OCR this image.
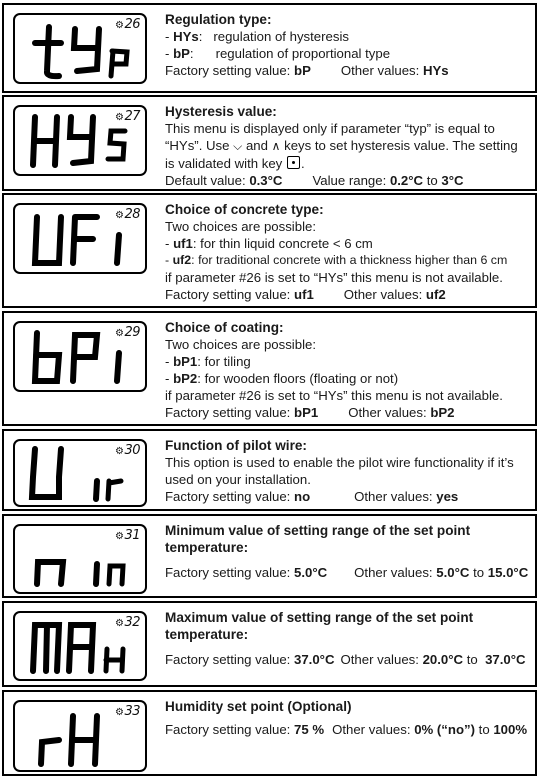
⚙26 Regulation type:
- HYs:   regulation of hysteresis
- bP:      regulation of proportional type
Factory setting value: bP Other values: HYs
⚙27 Hysteresis value:
This menu is displayed only if parameter “typ” is equal to
“HYs”. Use ⌵ and ∧ keys to set hysteresis value. The setting
is validated with key .
Default value: 0.3°C Value range: 0.2°C to 3°C
⚙28 Choice of concrete type:
Two choices are possible:
- uf1: for thin liquid concrete < 6 cm
- uf2: for traditional concrete with a thickness higher than 6 cm
if parameter #26 is set to “HYs” this menu is not available.
Factory setting value: uf1 Other values: uf2
⚙29 Choice of coating:
Two choices are possible:
- bP1: for tiling
- bP2: for wooden floors (floating or not)
if parameter #26 is set to “HYs” this menu is not available.
Factory setting value: bP1 Other values: bP2
⚙30 Function of pilot wire:
This option is used to enable the pilot wire functionality if it’s
used on your installation.
Factory setting value: no	Other values: yes
⚙31 Minimum value of setting range of the set point
temperature:
Factory setting value: 5.0°C Other values: 5.0°C to 15.0°C
⚙32 Maximum value of setting range of the set point
temperature:
Factory setting value: 37.0°C Other values: 20.0°C to 37.0°C
⚙33 Humidity set point (Optional)
Factory setting value: 75 % Other values: 0% (“no”) to 100%
